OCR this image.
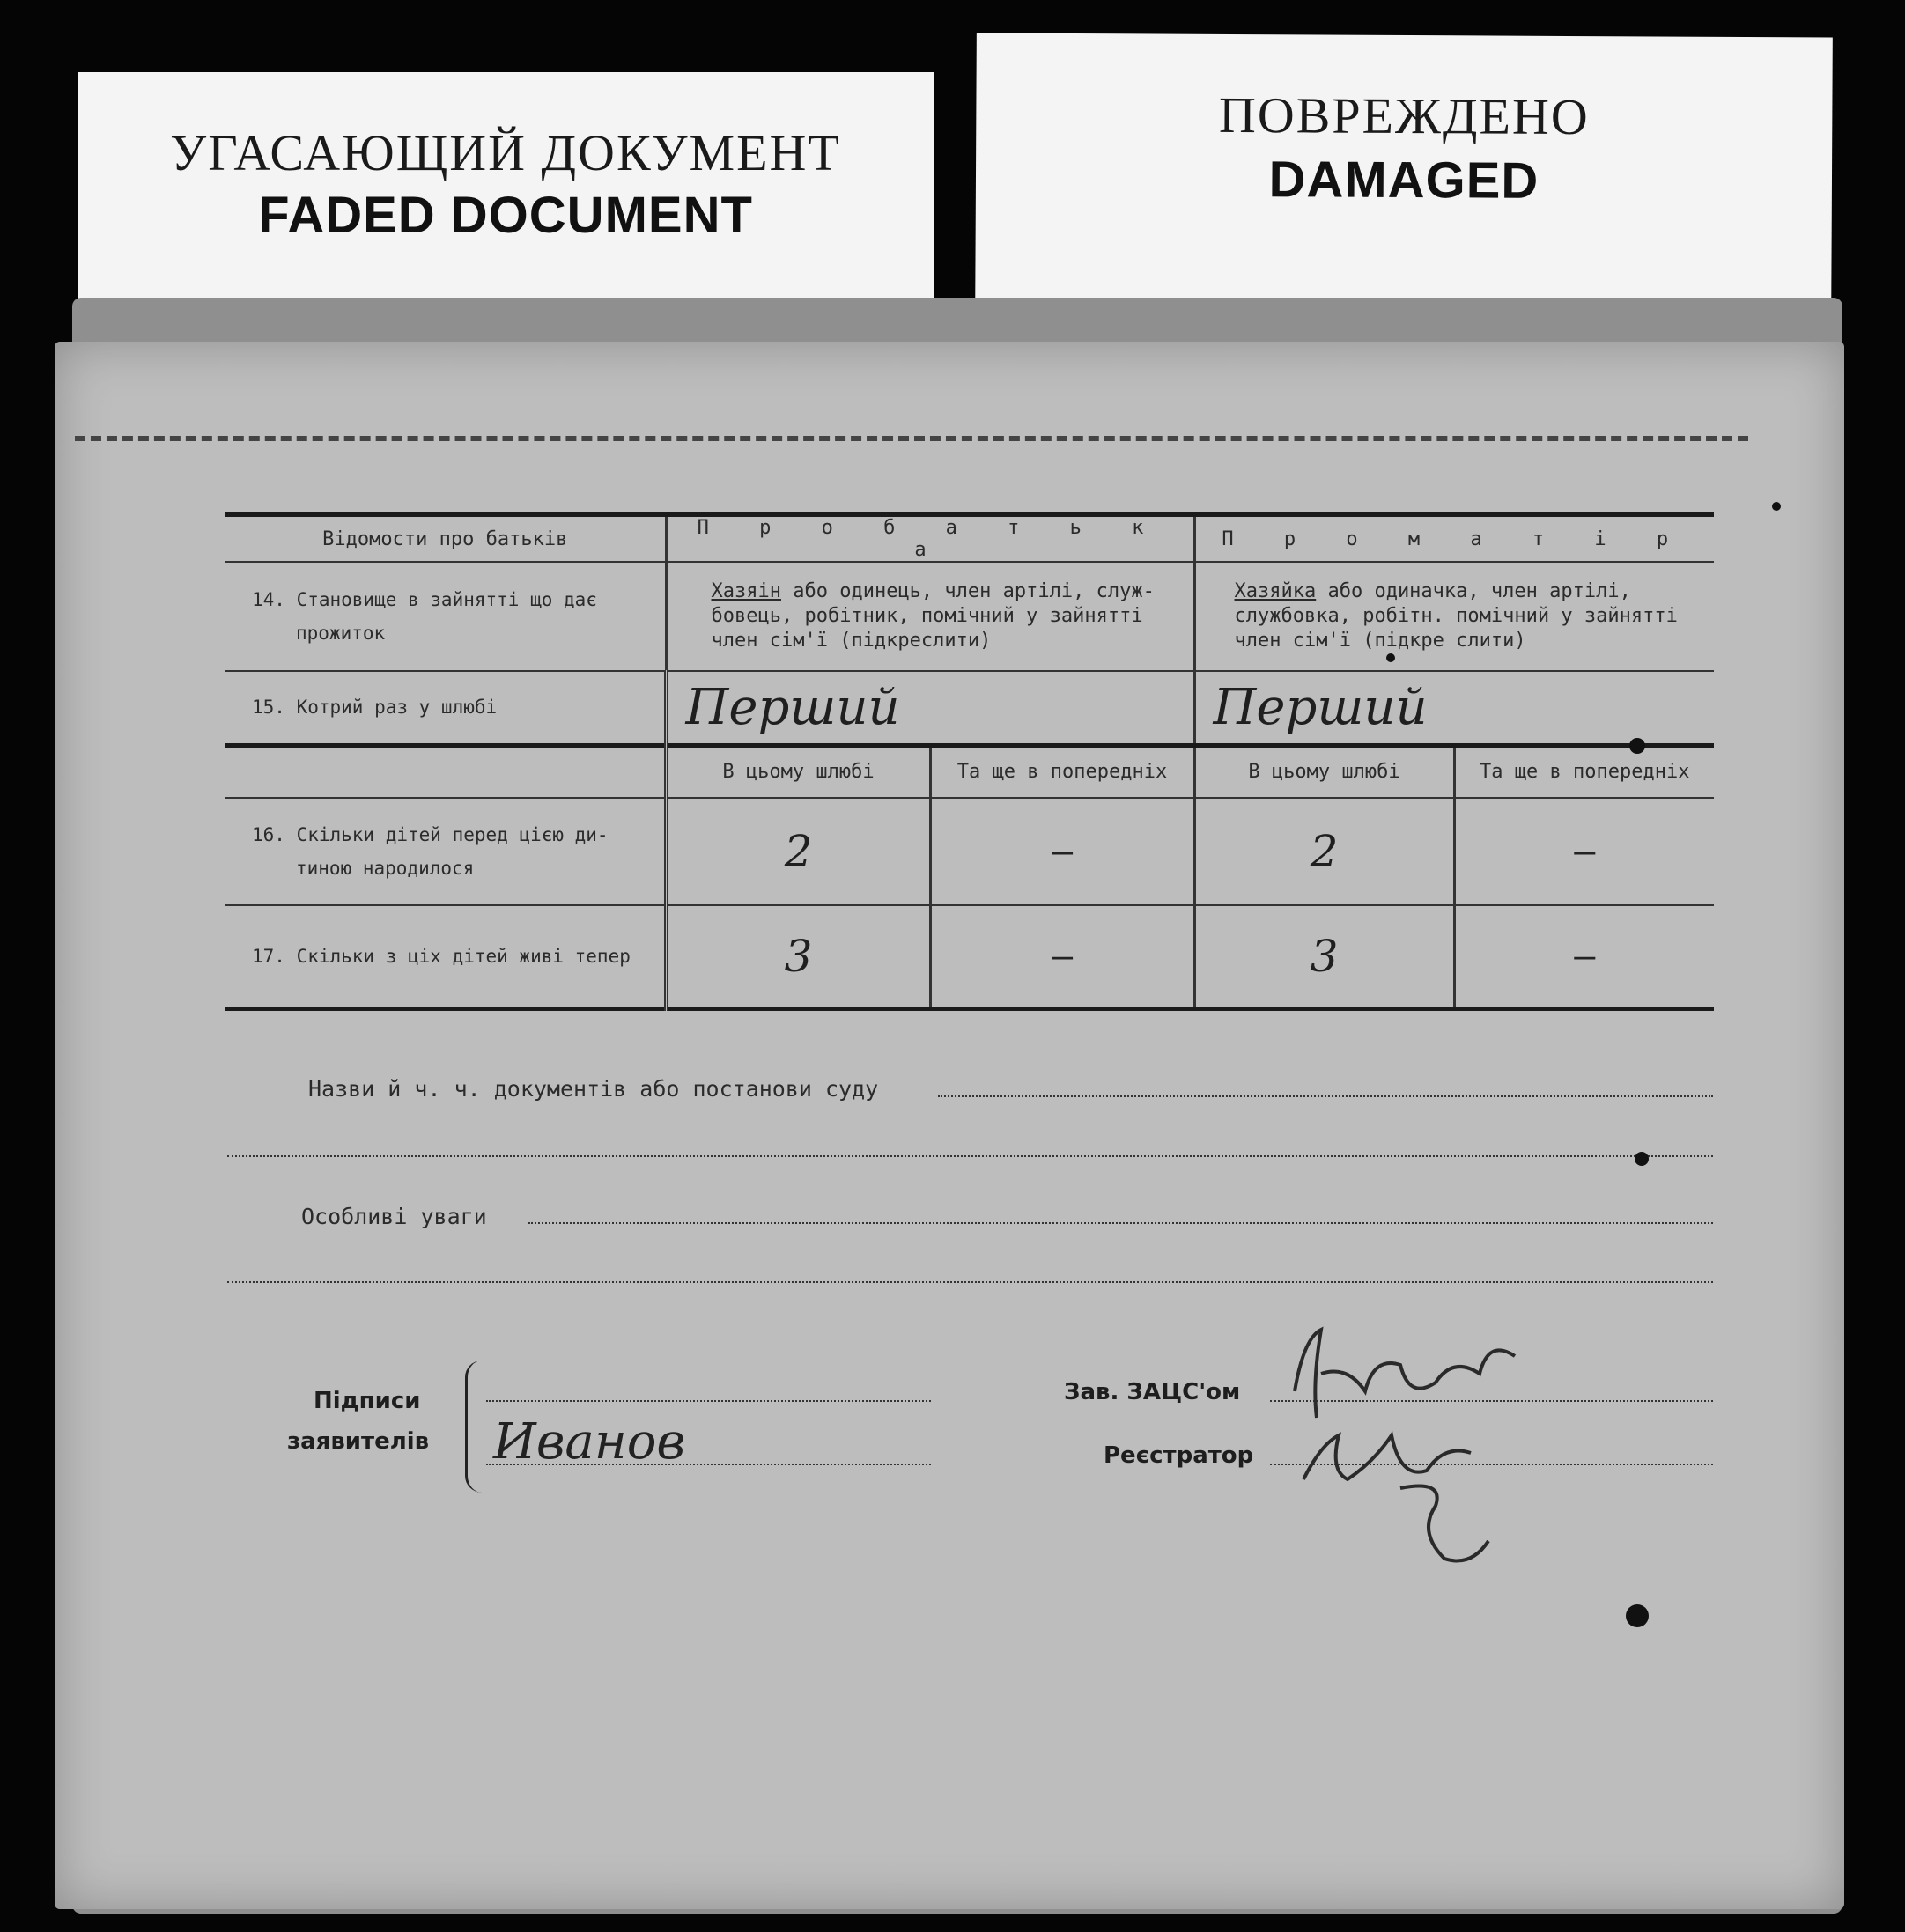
УГАСАЮЩИЙ ДОКУМЕНТ
FADED DOCUMENT
ПОВРЕЖДЕНО
DAMAGED
Відомости про батьків	П р о б а т ь к а		П р о м а т і р	

14. Становище в зайнятті що дає
прожиток	Хазяін або одинець, член артілі, служ-бовець, робітник, помічний у зайнятті член сім'ї (підкреслити)		Хазяйка або одиначка, член артілі, службовка, робітн. помічний у зайнятті член сім'ї (підкре слити)	
15. Котрий раз у шлюбі	Перший		Перший	
	В цьому шлюбі	Та ще в попередніх	В цьому шлюбі	Та ще в попередніх

16. Скільки дітей перед цією ди-
тиною народилося	2	–	2	–
17. Скільки з ціх дітей живі тепер	3	–	3	–
Назви й ч. ч. документів або постанови суду
Особливі уваги
Підписи
заявителів Иванов
Зав. ЗАЦС'ом
Реєстратор
